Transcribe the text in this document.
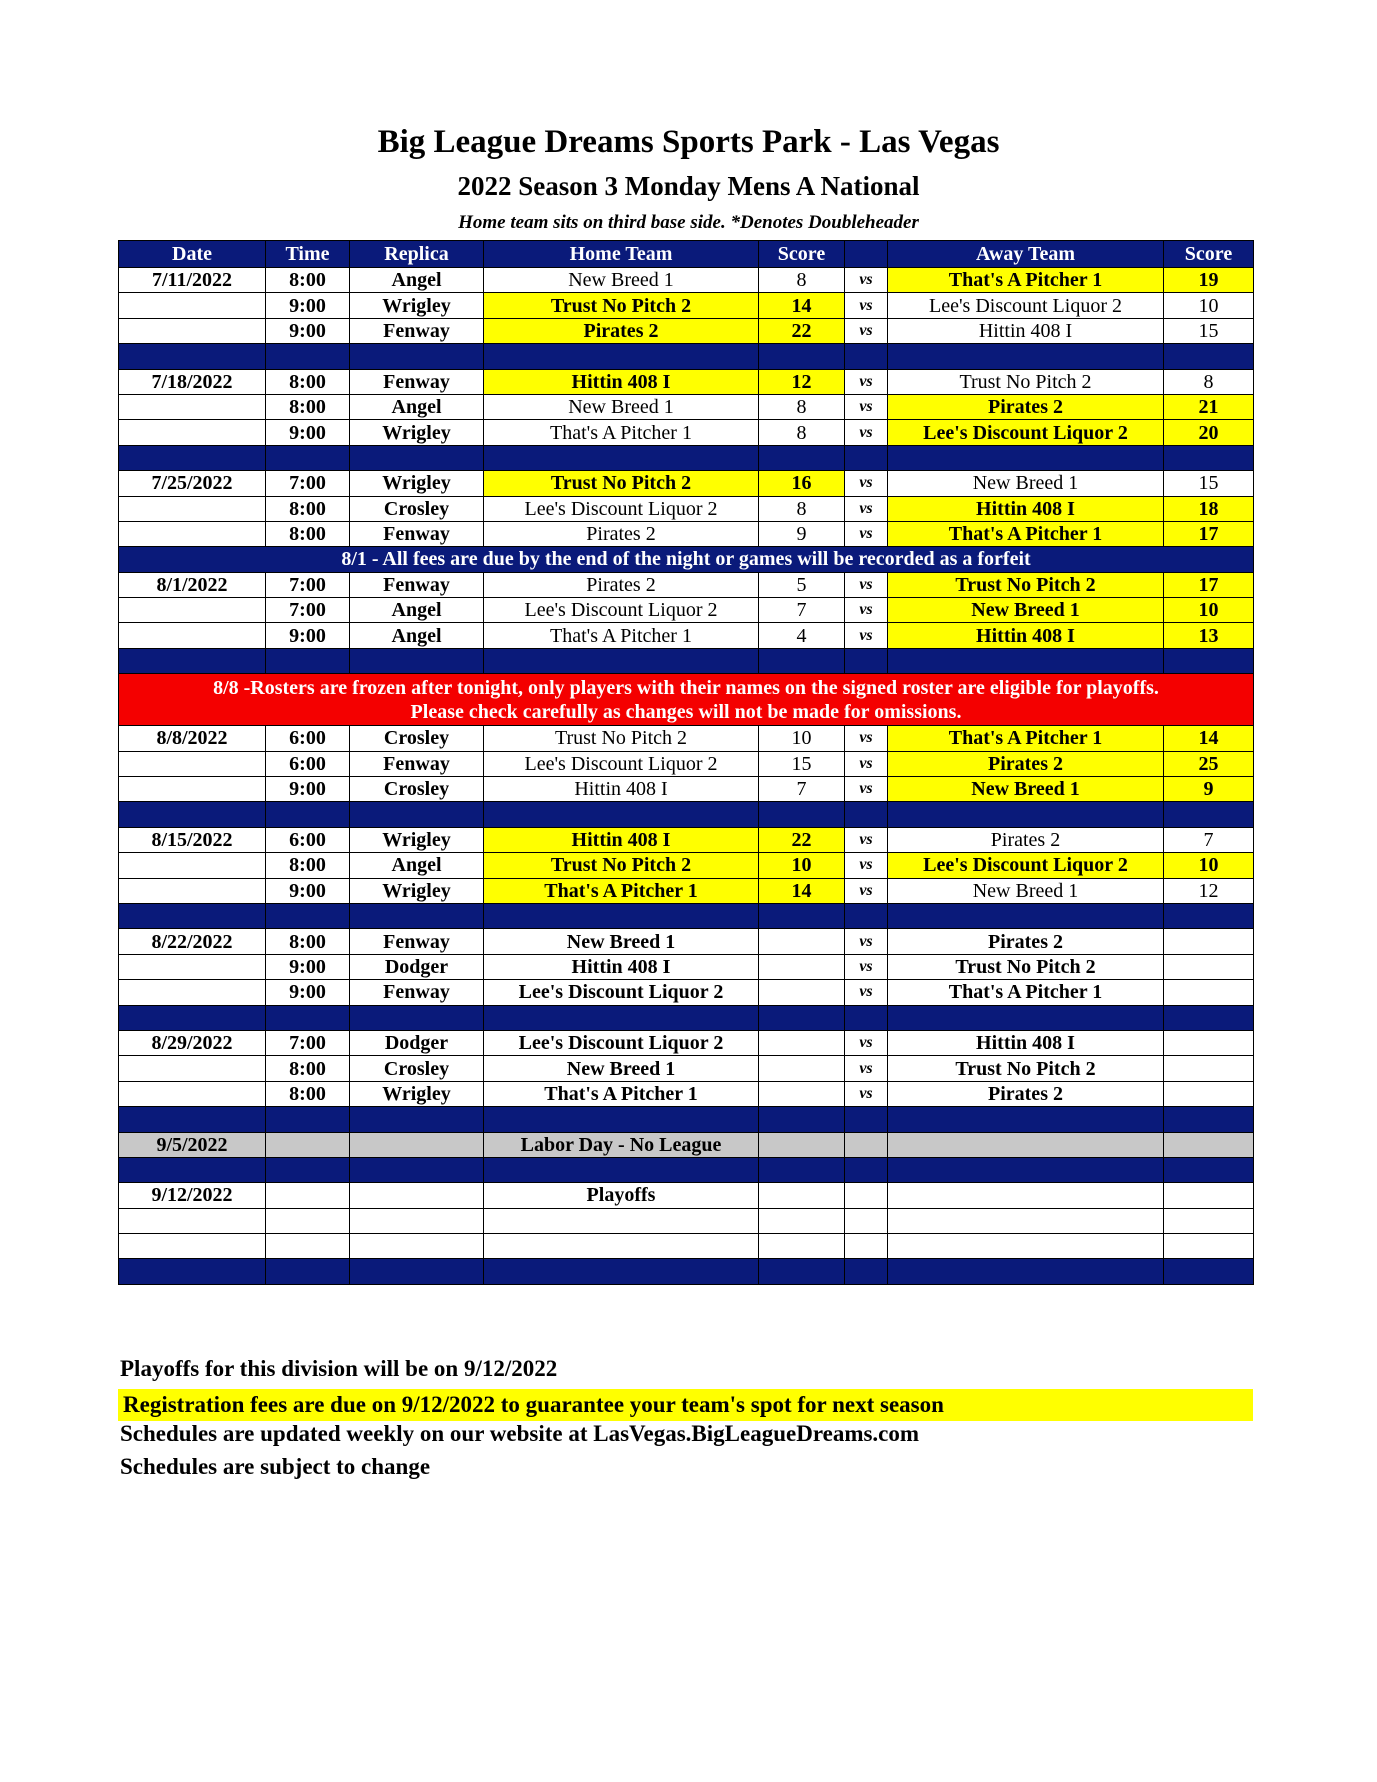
Big League Dreams Sports Park - Las Vegas
2022 Season 3 Monday Mens A National
Home team sits on third base side. *Denotes Doubleheader
Date	Time	Replica	Home Team	Score		Away Team	Score
7/11/2022	8:00	Angel	New Breed 1	8	vs	That's A Pitcher 1	19
	9:00	Wrigley	Trust No Pitch 2	14	vs	Lee's Discount Liquor 2	10
	9:00	Fenway	Pirates 2	22	vs	Hittin 408 I	15

7/18/2022	8:00	Fenway	Hittin 408 I	12	vs	Trust No Pitch 2	8
	8:00	Angel	New Breed 1	8	vs	Pirates 2	21
	9:00	Wrigley	That's A Pitcher 1	8	vs	Lee's Discount Liquor 2	20

7/25/2022	7:00	Wrigley	Trust No Pitch 2	16	vs	New Breed 1	15
	8:00	Crosley	Lee's Discount Liquor 2	8	vs	Hittin 408 I	18
	8:00	Fenway	Pirates 2	9	vs	That's A Pitcher 1	17
8/1 - All fees are due by the end of the night or games will be recorded as a forfeit							
8/1/2022	7:00	Fenway	Pirates 2	5	vs	Trust No Pitch 2	17
	7:00	Angel	Lee's Discount Liquor 2	7	vs	New Breed 1	10
	9:00	Angel	That's A Pitcher 1	4	vs	Hittin 408 I	13

8/8 -Rosters are frozen after tonight, only players with their names on the signed roster are eligible for playoffs.
Please check carefully as changes will not be made for omissions.							

8/8/2022	6:00	Crosley	Trust No Pitch 2	10	vs	That's A Pitcher 1	14
	6:00	Fenway	Lee's Discount Liquor 2	15	vs	Pirates 2	25
	9:00	Crosley	Hittin 408 I	7	vs	New Breed 1	9

8/15/2022	6:00	Wrigley	Hittin 408 I	22	vs	Pirates 2	7
	8:00	Angel	Trust No Pitch 2	10	vs	Lee's Discount Liquor 2	10
	9:00	Wrigley	That's A Pitcher 1	14	vs	New Breed 1	12

8/22/2022	8:00	Fenway	New Breed 1		vs	Pirates 2	
	9:00	Dodger	Hittin 408 I		vs	Trust No Pitch 2	
	9:00	Fenway	Lee's Discount Liquor 2		vs	That's A Pitcher 1	

8/29/2022	7:00	Dodger	Lee's Discount Liquor 2		vs	Hittin 408 I	
	8:00	Crosley	New Breed 1		vs	Trust No Pitch 2	
	8:00	Wrigley	That's A Pitcher 1		vs	Pirates 2	

9/5/2022			Labor Day - No League				

9/12/2022			Playoffs				

Playoffs for this division will be on 9/12/2022
Registration fees are due on 9/12/2022 to guarantee your team's spot for next season
Schedules are updated weekly on our website at LasVegas.BigLeagueDreams.com
Schedules are subject to change
